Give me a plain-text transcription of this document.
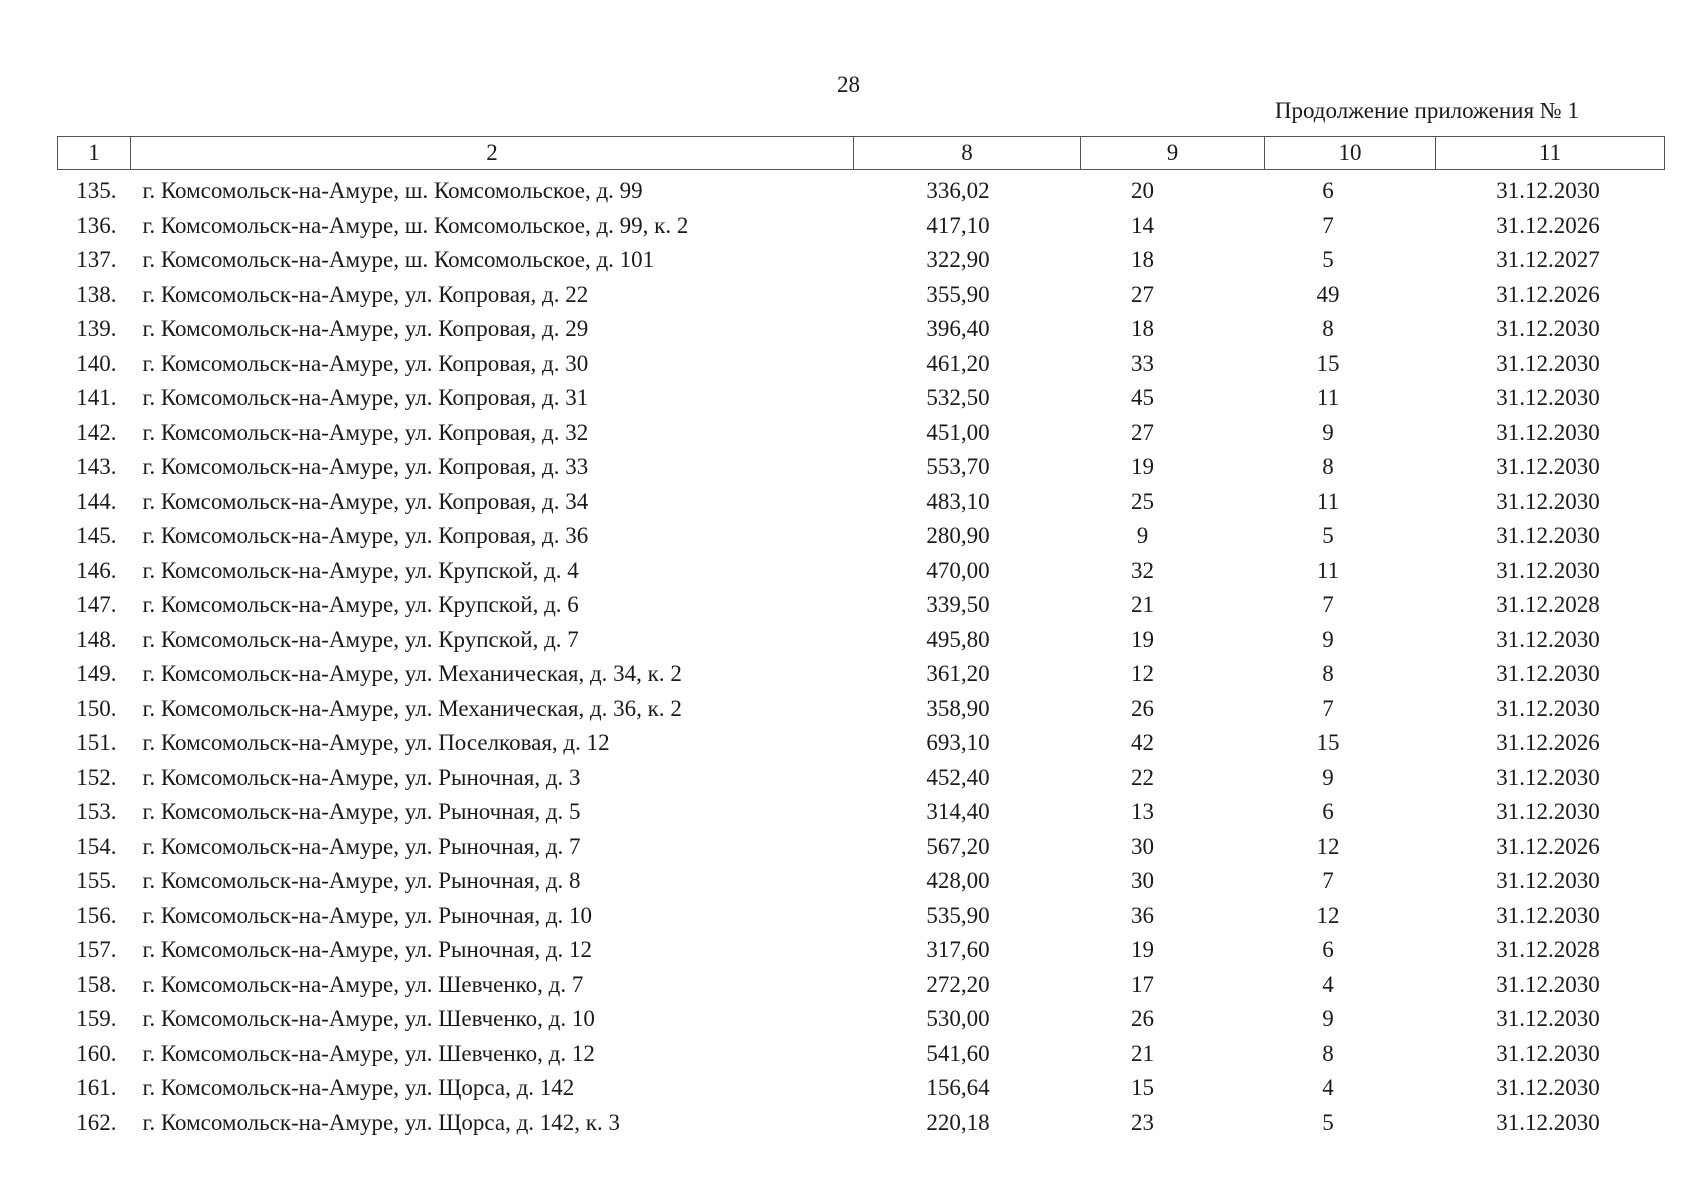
28
Продолжение приложения № 1
1	2	8	9	10	11
135.	г. Комсомольск-на-Амуре, ш. Комсомольское, д. 99	336,02	20	6	31.12.2030
136.	г. Комсомольск-на-Амуре, ш. Комсомольское, д. 99, к. 2	417,10	14	7	31.12.2026
137.	г. Комсомольск-на-Амуре, ш. Комсомольское, д. 101	322,90	18	5	31.12.2027
138.	г. Комсомольск-на-Амуре, ул. Копровая, д. 22	355,90	27	49	31.12.2026
139.	г. Комсомольск-на-Амуре, ул. Копровая, д. 29	396,40	18	8	31.12.2030
140.	г. Комсомольск-на-Амуре, ул. Копровая, д. 30	461,20	33	15	31.12.2030
141.	г. Комсомольск-на-Амуре, ул. Копровая, д. 31	532,50	45	11	31.12.2030
142.	г. Комсомольск-на-Амуре, ул. Копровая, д. 32	451,00	27	9	31.12.2030
143.	г. Комсомольск-на-Амуре, ул. Копровая, д. 33	553,70	19	8	31.12.2030
144.	г. Комсомольск-на-Амуре, ул. Копровая, д. 34	483,10	25	11	31.12.2030
145.	г. Комсомольск-на-Амуре, ул. Копровая, д. 36	280,90	9	5	31.12.2030
146.	г. Комсомольск-на-Амуре, ул. Крупской, д. 4	470,00	32	11	31.12.2030
147.	г. Комсомольск-на-Амуре, ул. Крупской, д. 6	339,50	21	7	31.12.2028
148.	г. Комсомольск-на-Амуре, ул. Крупской, д. 7	495,80	19	9	31.12.2030
149.	г. Комсомольск-на-Амуре, ул. Механическая, д. 34, к. 2	361,20	12	8	31.12.2030
150.	г. Комсомольск-на-Амуре, ул. Механическая, д. 36, к. 2	358,90	26	7	31.12.2030
151.	г. Комсомольск-на-Амуре, ул. Поселковая, д. 12	693,10	42	15	31.12.2026
152.	г. Комсомольск-на-Амуре, ул. Рыночная, д. 3	452,40	22	9	31.12.2030
153.	г. Комсомольск-на-Амуре, ул. Рыночная, д. 5	314,40	13	6	31.12.2030
154.	г. Комсомольск-на-Амуре, ул. Рыночная, д. 7	567,20	30	12	31.12.2026
155.	г. Комсомольск-на-Амуре, ул. Рыночная, д. 8	428,00	30	7	31.12.2030
156.	г. Комсомольск-на-Амуре, ул. Рыночная, д. 10	535,90	36	12	31.12.2030
157.	г. Комсомольск-на-Амуре, ул. Рыночная, д. 12	317,60	19	6	31.12.2028
158.	г. Комсомольск-на-Амуре, ул. Шевченко, д. 7	272,20	17	4	31.12.2030
159.	г. Комсомольск-на-Амуре, ул. Шевченко, д. 10	530,00	26	9	31.12.2030
160.	г. Комсомольск-на-Амуре, ул. Шевченко, д. 12	541,60	21	8	31.12.2030
161.	г. Комсомольск-на-Амуре, ул. Щорса, д. 142	156,64	15	4	31.12.2030
162.	г. Комсомольск-на-Амуре, ул. Щорса, д. 142, к. 3	220,18	23	5	31.12.2030
